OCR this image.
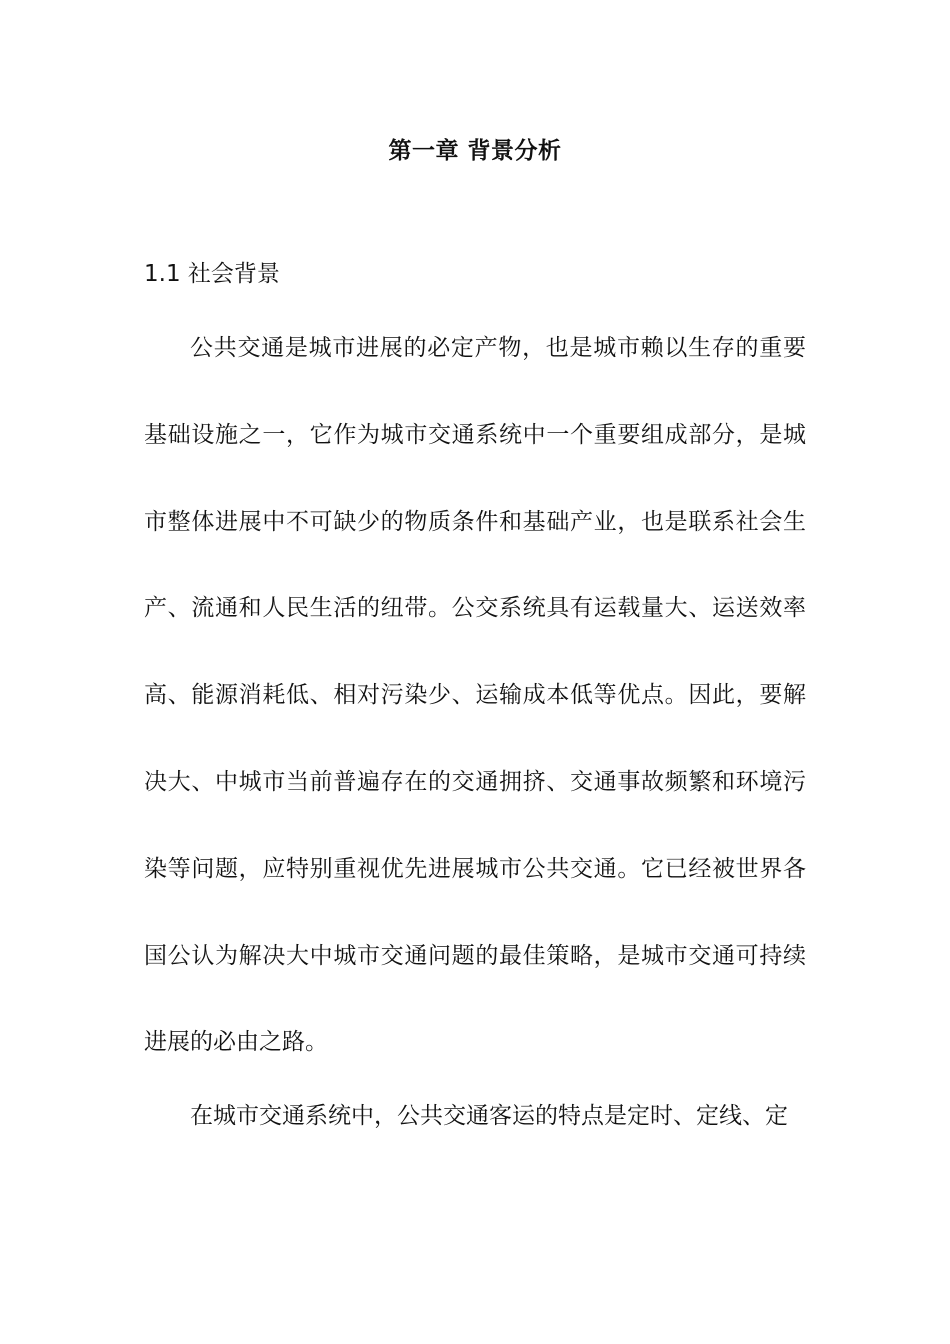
第一章 背景分析
1.1 社会背景

公共交通是城市进展的必定产物，也是城市赖以生存的重要基础设施之一，它作为城市交通系统中一个重要组成部分，是城市整体进展中不可缺少的物质条件和基础产业，也是联系社会生产、流通和人民生活的纽带。公交系统具有运载量大、运送效率高、能源消耗低、相对污染少、运输成本低等优点。因此，要解决大、中城市当前普遍存在的交通拥挤、交通事故频繁和环境污染等问题，应特别重视优先进展城市公共交通。它已经被世界各国公认为解决大中城市交通问题的最佳策略，是城市交通可持续进展的必由之路。

在城市交通系统中，公共交通客运的特点是定时、定线、定
